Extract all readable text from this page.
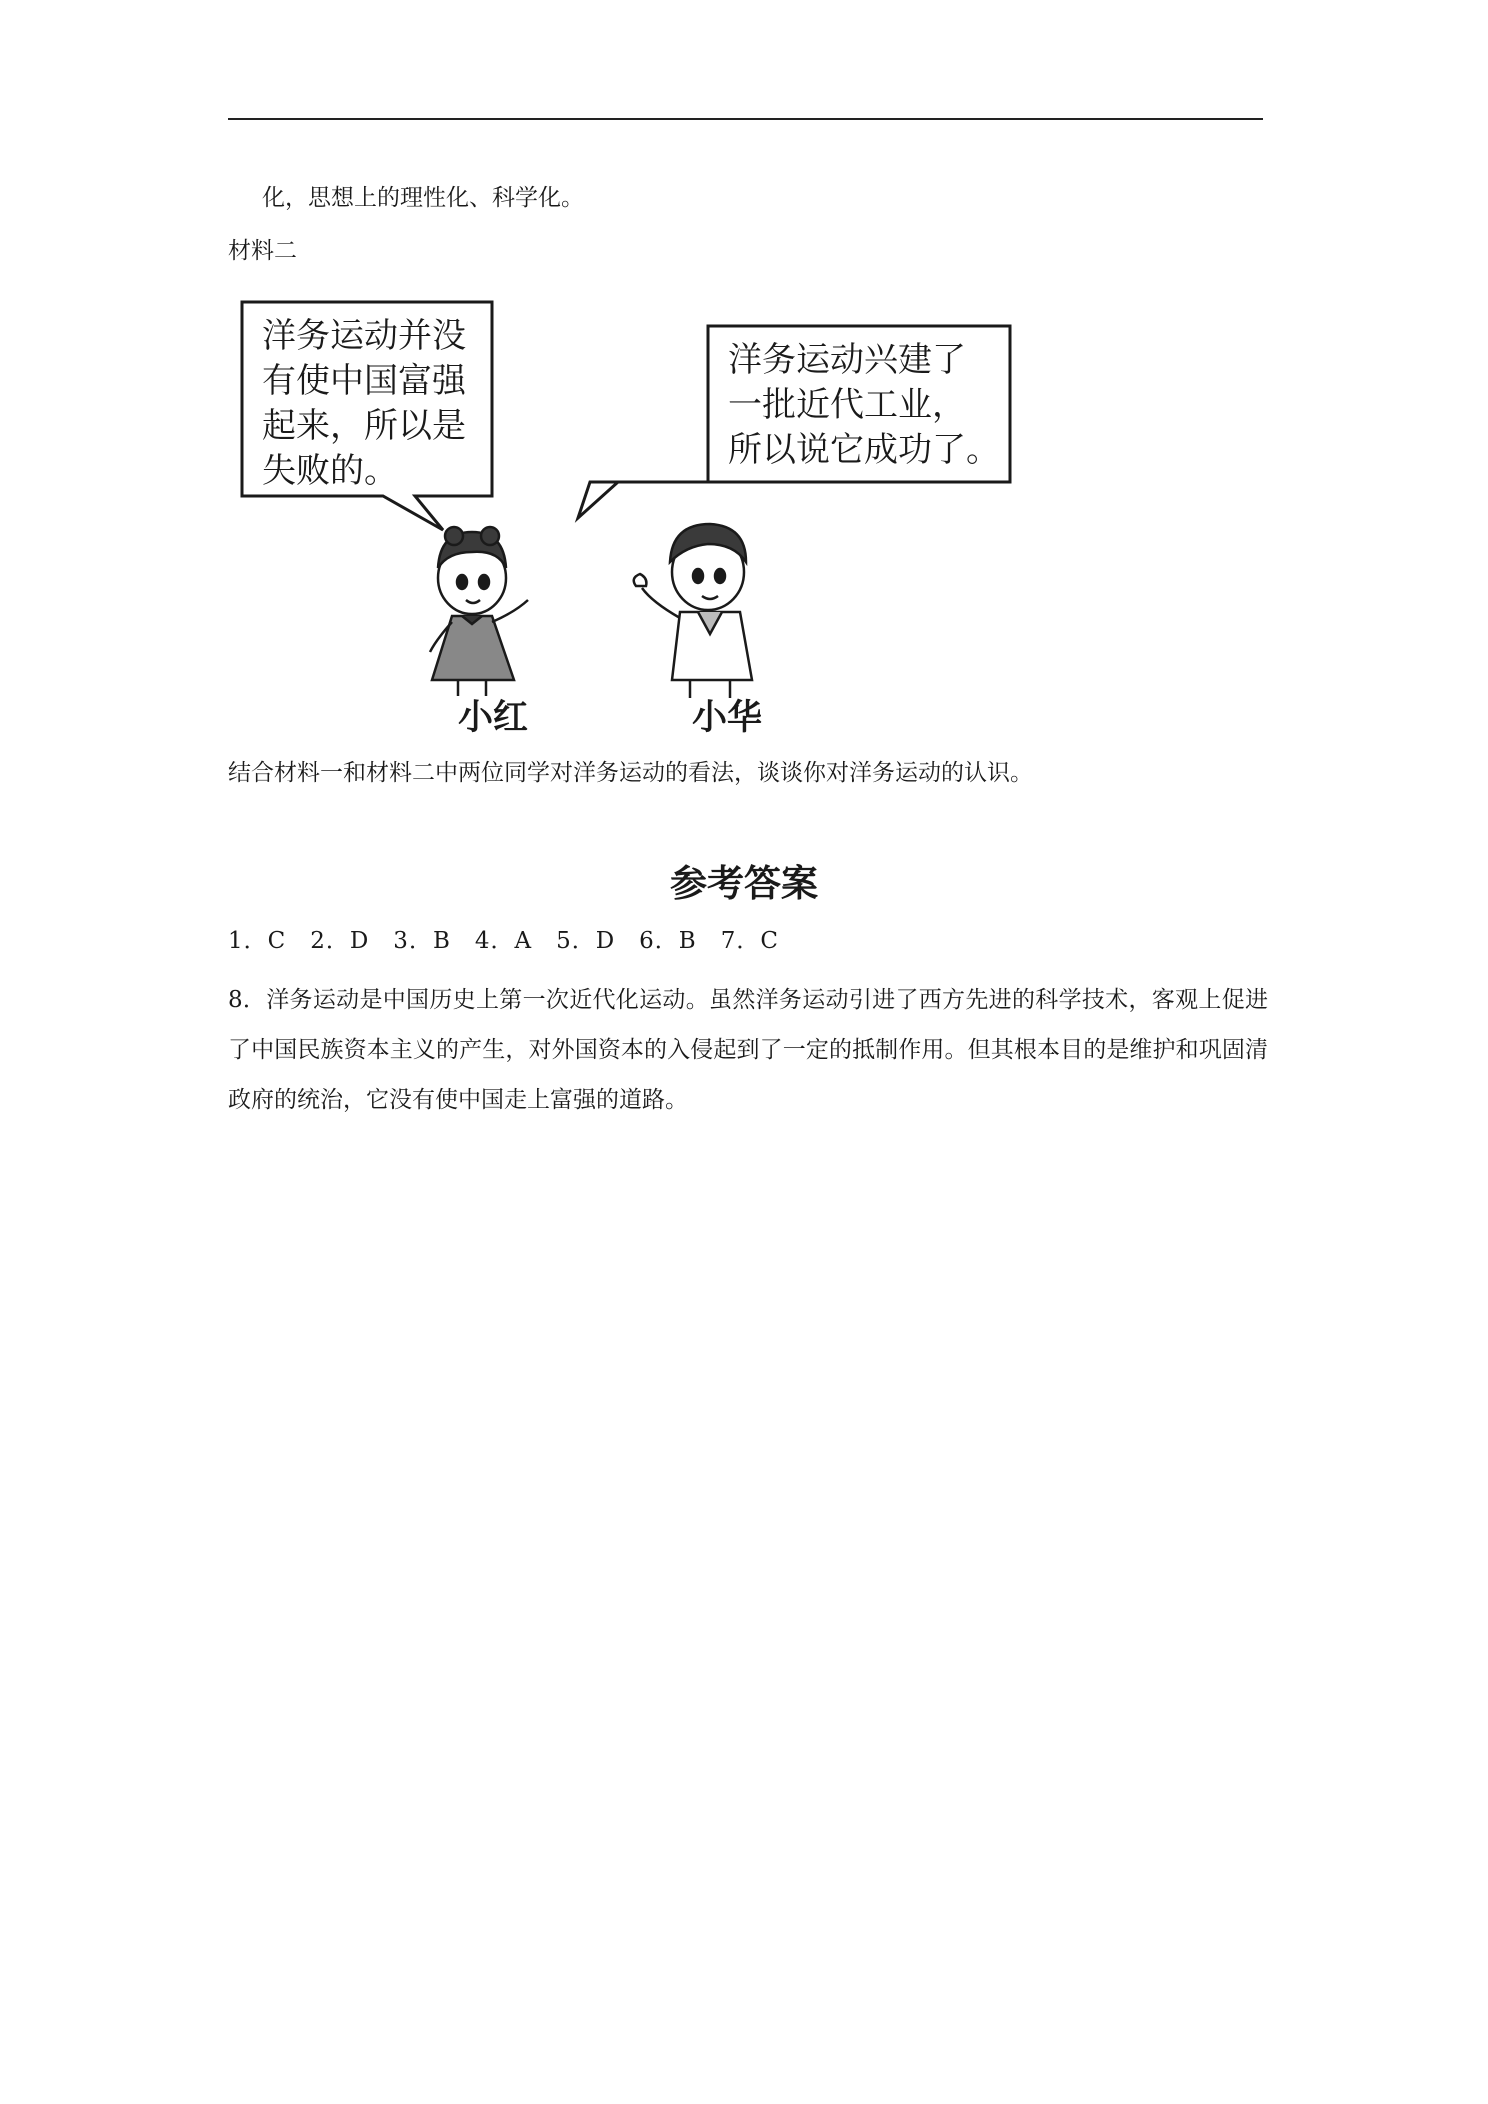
化，思想上的理性化、科学化。
材料二
洋务运动并没
有使中国富强
起来，所以是
失败的。
洋务运动兴建了
一批近代工业，
所以说它成功了。
小红	小华
结合材料一和材料二中两位同学对洋务运动的看法，谈谈你对洋务运动的认识。
参考答案
1．C　2．D　3．B　4．A　5．D　6．B　7．C
8．洋务运动是中国历史上第一次近代化运动。虽然洋务运动引进了西方先进的科学技术，客观上促进了中国民族资本主义的产生，对外国资本的入侵起到了一定的抵制作用。但其根本目的是维护和巩固清政府的统治，它没有使中国走上富强的道路。
